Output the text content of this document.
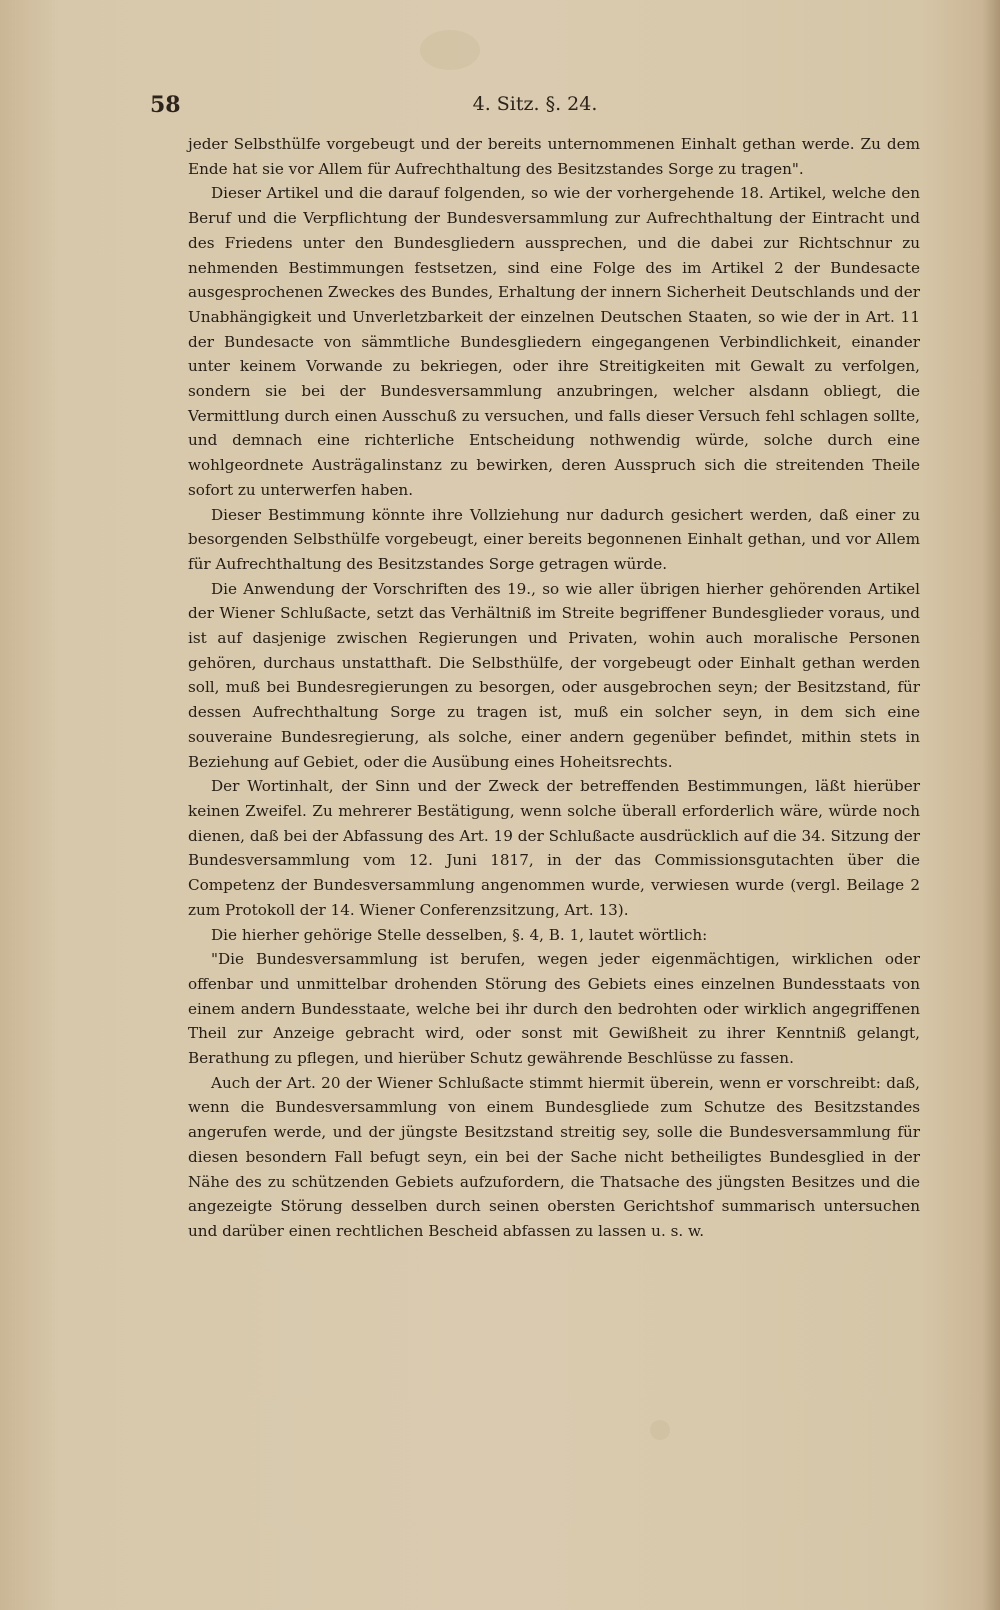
58	4. Sitz. §. 24.

jeder Selbsthülfe vorgebeugt und der bereits unternommenen Einhalt gethan werde. Zu dem Ende hat sie vor Allem für Aufrechthaltung des Besitzstandes Sorge zu tragen".

Dieser Artikel und die darauf folgenden, so wie der vorhergehende 18. Artikel, welche den Beruf und die Verpflichtung der Bundesversammlung zur Aufrechthaltung der Eintracht und des Friedens unter den Bundesgliedern aussprechen, und die dabei zur Richtschnur zu nehmenden Bestimmungen festsetzen, sind eine Folge des im Artikel 2 der Bundesacte ausgesprochenen Zweckes des Bundes, Erhaltung der innern Sicherheit Deutschlands und der Unabhängigkeit und Unverletzbarkeit der einzelnen Deutschen Staaten, so wie der in Art. 11 der Bundesacte von sämmtliche Bundesgliedern eingegangenen Verbindlichkeit, einander unter keinem Vorwande zu bekriegen, oder ihre Streitigkeiten mit Gewalt zu verfolgen, sondern sie bei der Bundesversammlung anzubringen, welcher alsdann obliegt, die Vermittlung durch einen Ausschuß zu versuchen, und falls dieser Versuch fehl schlagen sollte, und demnach eine richterliche Entscheidung nothwendig würde, solche durch eine wohlgeordnete Austrägalinstanz zu bewirken, deren Ausspruch sich die streitenden Theile sofort zu unterwerfen haben.

Dieser Bestimmung könnte ihre Vollziehung nur dadurch gesichert werden, daß einer zu besorgenden Selbsthülfe vorgebeugt, einer bereits begonnenen Einhalt gethan, und vor Allem für Aufrechthaltung des Besitzstandes Sorge getragen würde.

Die Anwendung der Vorschriften des 19., so wie aller übrigen hierher gehörenden Artikel der Wiener Schlußacte, setzt das Verhältniß im Streite begriffener Bundesglieder voraus, und ist auf dasjenige zwischen Regierungen und Privaten, wohin auch moralische Personen gehören, durchaus unstatthaft. Die Selbsthülfe, der vorgebeugt oder Einhalt gethan werden soll, muß bei Bundesregierungen zu besorgen, oder ausgebrochen seyn; der Besitzstand, für dessen Aufrechthaltung Sorge zu tragen ist, muß ein solcher seyn, in dem sich eine souveraine Bundesregierung, als solche, einer andern gegenüber befindet, mithin stets in Beziehung auf Gebiet, oder die Ausübung eines Hoheitsrechts.

Der Wortinhalt, der Sinn und der Zweck der betreffenden Bestimmungen, läßt hierüber keinen Zweifel. Zu mehrerer Bestätigung, wenn solche überall erforderlich wäre, würde noch dienen, daß bei der Abfassung des Art. 19 der Schlußacte ausdrücklich auf die 34. Sitzung der Bundesversammlung vom 12. Juni 1817, in der das Commissionsgutachten über die Competenz der Bundesversammlung angenommen wurde, verwiesen wurde (vergl. Beilage 2 zum Protokoll der 14. Wiener Conferenzsitzung, Art. 13).

Die hierher gehörige Stelle desselben, §. 4, B. 1, lautet wörtlich:

"Die Bundesversammlung ist berufen, wegen jeder eigenmächtigen, wirklichen oder offenbar und unmittelbar drohenden Störung des Gebiets eines einzelnen Bundesstaats von einem andern Bundesstaate, welche bei ihr durch den bedrohten oder wirklich angegriffenen Theil zur Anzeige gebracht wird, oder sonst mit Gewißheit zu ihrer Kenntniß gelangt, Berathung zu pflegen, und hierüber Schutz gewährende Beschlüsse zu fassen.

Auch der Art. 20 der Wiener Schlußacte stimmt hiermit überein, wenn er vorschreibt: daß, wenn die Bundesversammlung von einem Bundesgliede zum Schutze des Besitzstandes angerufen werde, und der jüngste Besitzstand streitig sey, solle die Bundesversammlung für diesen besondern Fall befugt seyn, ein bei der Sache nicht betheiligtes Bundesglied in der Nähe des zu schützenden Gebiets aufzufordern, die Thatsache des jüngsten Besitzes und die angezeigte Störung desselben durch seinen obersten Gerichtshof summarisch untersuchen und darüber einen rechtlichen Bescheid abfassen zu lassen u. s. w.
